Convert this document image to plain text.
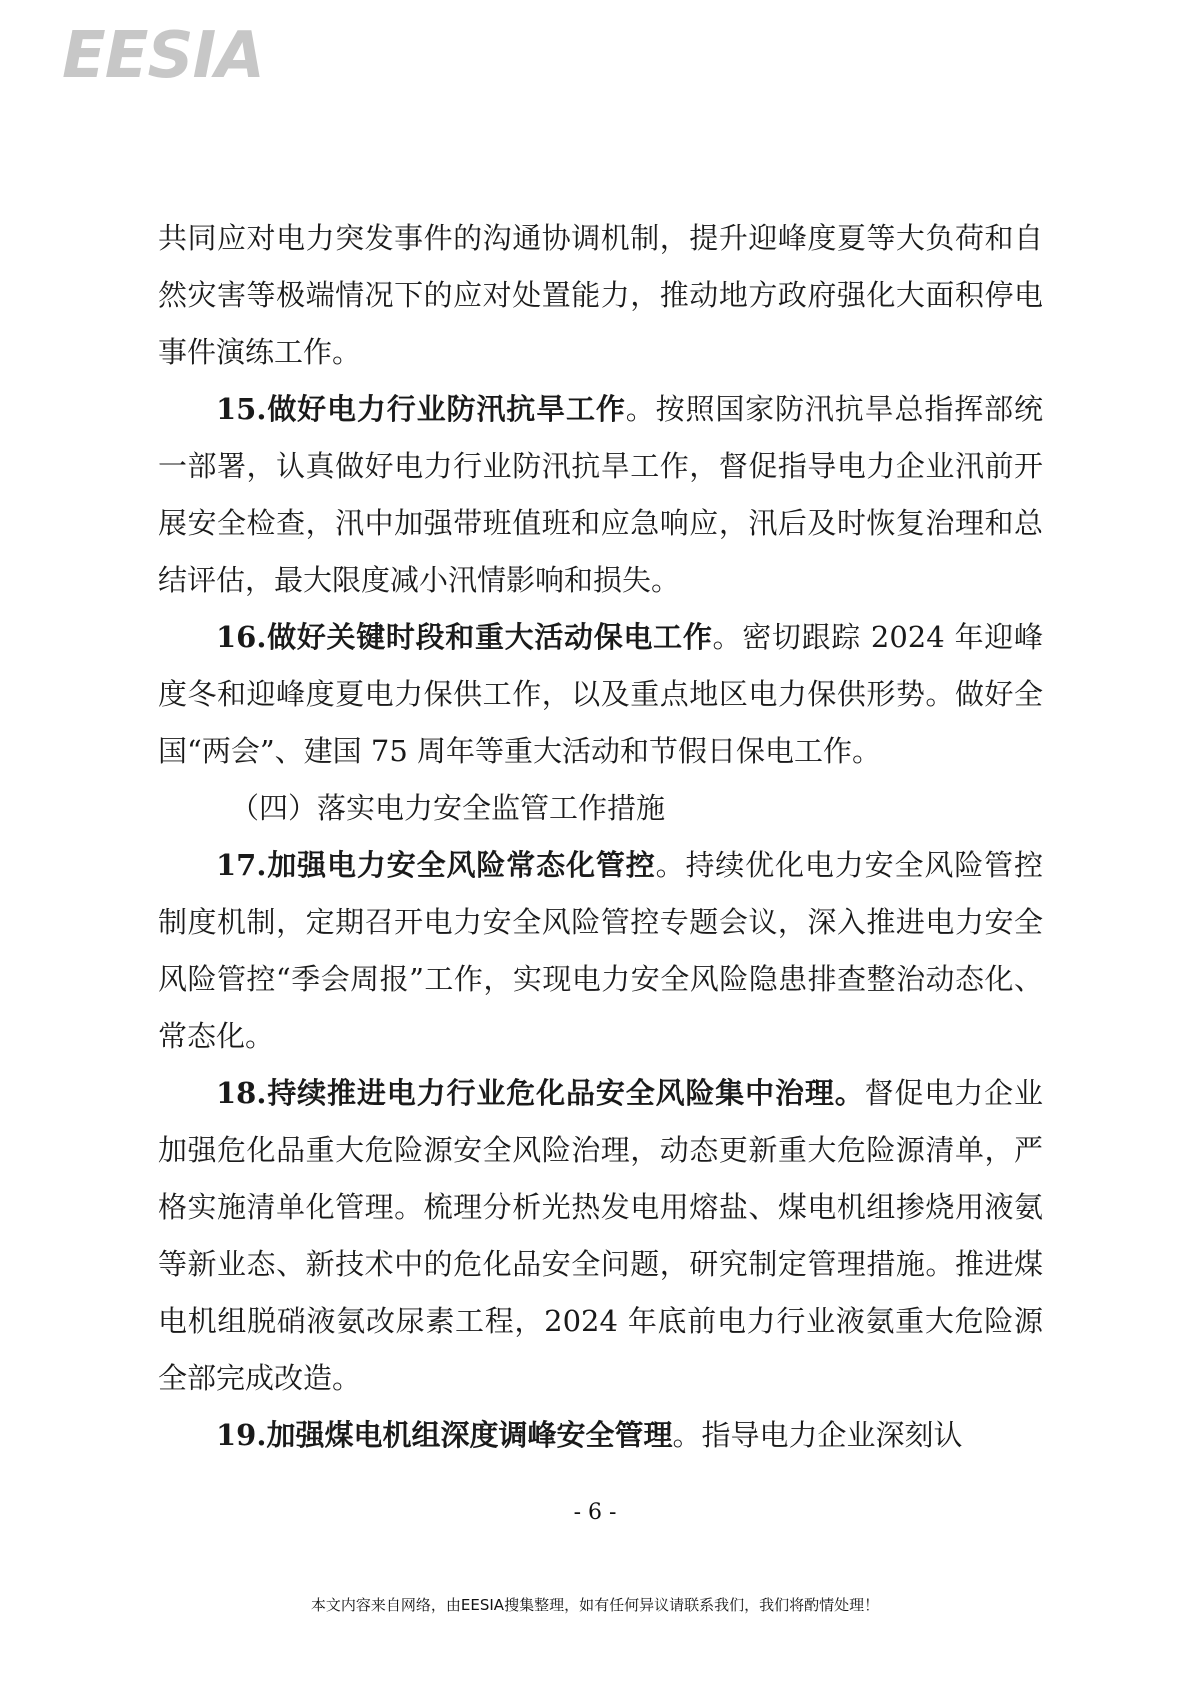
EESIA

共同应对电力突发事件的沟通协调机制，提升迎峰度夏等大负荷和自然灾害等极端情况下的应对处置能力，推动地方政府强化大面积停电事件演练工作。

15.做好电力行业防汛抗旱工作。按照国家防汛抗旱总指挥部统一部署，认真做好电力行业防汛抗旱工作，督促指导电力企业汛前开展安全检查，汛中加强带班值班和应急响应，汛后及时恢复治理和总结评估，最大限度减小汛情影响和损失。

16.做好关键时段和重大活动保电工作。密切跟踪 2024 年迎峰度冬和迎峰度夏电力保供工作，以及重点地区电力保供形势。做好全国“两会”、建国 75 周年等重大活动和节假日保电工作。

（四）落实电力安全监管工作措施

17.加强电力安全风险常态化管控。持续优化电力安全风险管控制度机制，定期召开电力安全风险管控专题会议，深入推进电力安全风险管控“季会周报”工作，实现电力安全风险隐患排查整治动态化、常态化。

18.持续推进电力行业危化品安全风险集中治理。督促电力企业加强危化品重大危险源安全风险治理，动态更新重大危险源清单，严格实施清单化管理。梳理分析光热发电用熔盐、煤电机组掺烧用液氨等新业态、新技术中的危化品安全问题，研究制定管理措施。推进煤电机组脱硝液氨改尿素工程，2024 年底前电力行业液氨重大危险源全部完成改造。

19.加强煤电机组深度调峰安全管理。指导电力企业深刻认

- 6 -
本文内容来自网络，由EESIA搜集整理，如有任何异议请联系我们，我们将酌情处理！
